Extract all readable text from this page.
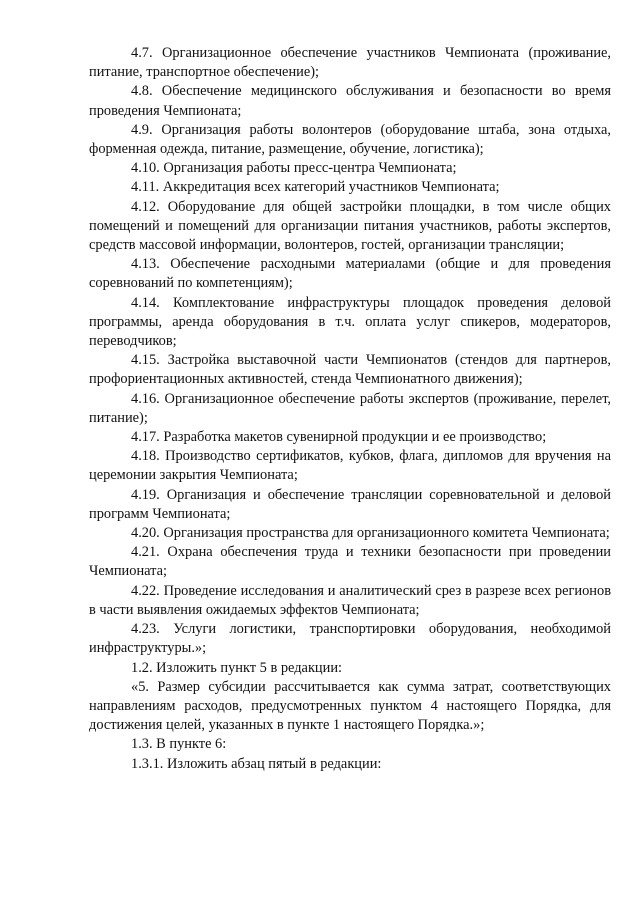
4.7. Организационное обеспечение участников Чемпионата (проживание, питание, транспортное обеспечение);

4.8. Обеспечение медицинского обслуживания и безопасности во время проведения Чемпионата;

4.9. Организация работы волонтеров (оборудование штаба, зона отдыха, форменная одежда, питание, размещение, обучение, логистика);

4.10. Организация работы пресс-центра Чемпионата;

4.11. Аккредитация всех категорий участников Чемпионата;

4.12. Оборудование для общей застройки площадки, в том числе общих помещений и помещений для организации питания участников, работы экспертов, средств массовой информации, волонтеров, гостей, организации трансляции;

4.13. Обеспечение расходными материалами (общие и для проведения соревнований по компетенциям);

4.14. Комплектование инфраструктуры площадок проведения деловой программы, аренда оборудования в т.ч. оплата услуг спикеров, модераторов, переводчиков;

4.15. Застройка выставочной части Чемпионатов (стендов для партнеров, профориентационных активностей, стенда Чемпионатного движения);

4.16. Организационное обеспечение работы экспертов (проживание, перелет, питание);

4.17. Разработка макетов сувенирной продукции и ее производство;

4.18. Производство сертификатов, кубков, флага, дипломов для вручения на церемонии закрытия Чемпионата;

4.19. Организация и обеспечение трансляции соревновательной и деловой программ Чемпионата;

4.20. Организация пространства для организационного комитета Чемпионата;

4.21. Охрана обеспечения труда и техники безопасности при проведении Чемпионата;

4.22. Проведение исследования и аналитический срез в разрезе всех регионов в части выявления ожидаемых эффектов Чемпионата;

4.23. Услуги логистики, транспортировки оборудования, необходимой инфраструктуры.»;

1.2. Изложить пункт 5 в редакции:

«5. Размер субсидии рассчитывается как сумма затрат, соответствующих направлениям расходов, предусмотренных пунктом 4 настоящего Порядка, для достижения целей, указанных в пункте 1 настоящего Порядка.»;

1.3. В пункте 6:

1.3.1. Изложить абзац пятый в редакции:
